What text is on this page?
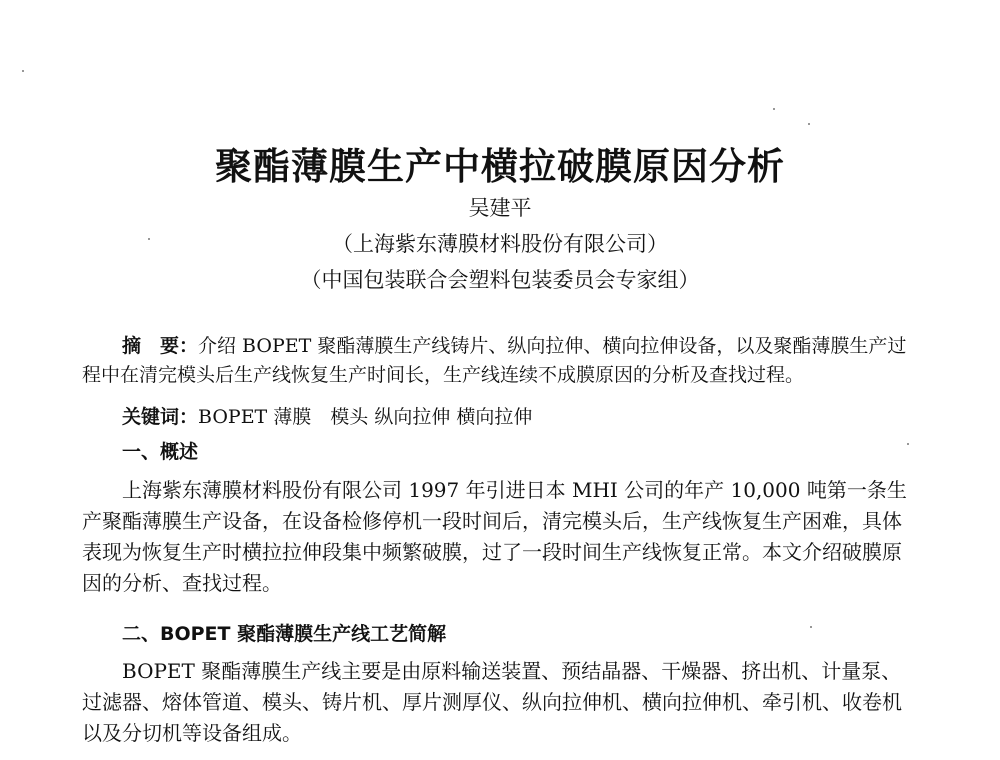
聚酯薄膜生产中横拉破膜原因分析
吴建平
（上海紫东薄膜材料股份有限公司）
（中国包装联合会塑料包装委员会专家组）
摘　要：介绍 BOPET 聚酯薄膜生产线铸片、纵向拉伸、横向拉伸设备，以及聚酯薄膜生产过程中在清完模头后生产线恢复生产时间长，生产线连续不成膜原因的分析及查找过程。
关键词：BOPET 薄膜　模头 纵向拉伸 横向拉伸
一、概述
上海紫东薄膜材料股份有限公司 1997 年引进日本 MHI 公司的年产 10,000 吨第一条生产聚酯薄膜生产设备，在设备检修停机一段时间后，清完模头后，生产线恢复生产困难，具体表现为恢复生产时横拉拉伸段集中频繁破膜，过了一段时间生产线恢复正常。本文介绍破膜原因的分析、查找过程。
二、BOPET 聚酯薄膜生产线工艺简解
BOPET 聚酯薄膜生产线主要是由原料输送装置、预结晶器、干燥器、挤出机、计量泵、过滤器、熔体管道、模头、铸片机、厚片测厚仪、纵向拉伸机、横向拉伸机、牵引机、收卷机以及分切机等设备组成。
